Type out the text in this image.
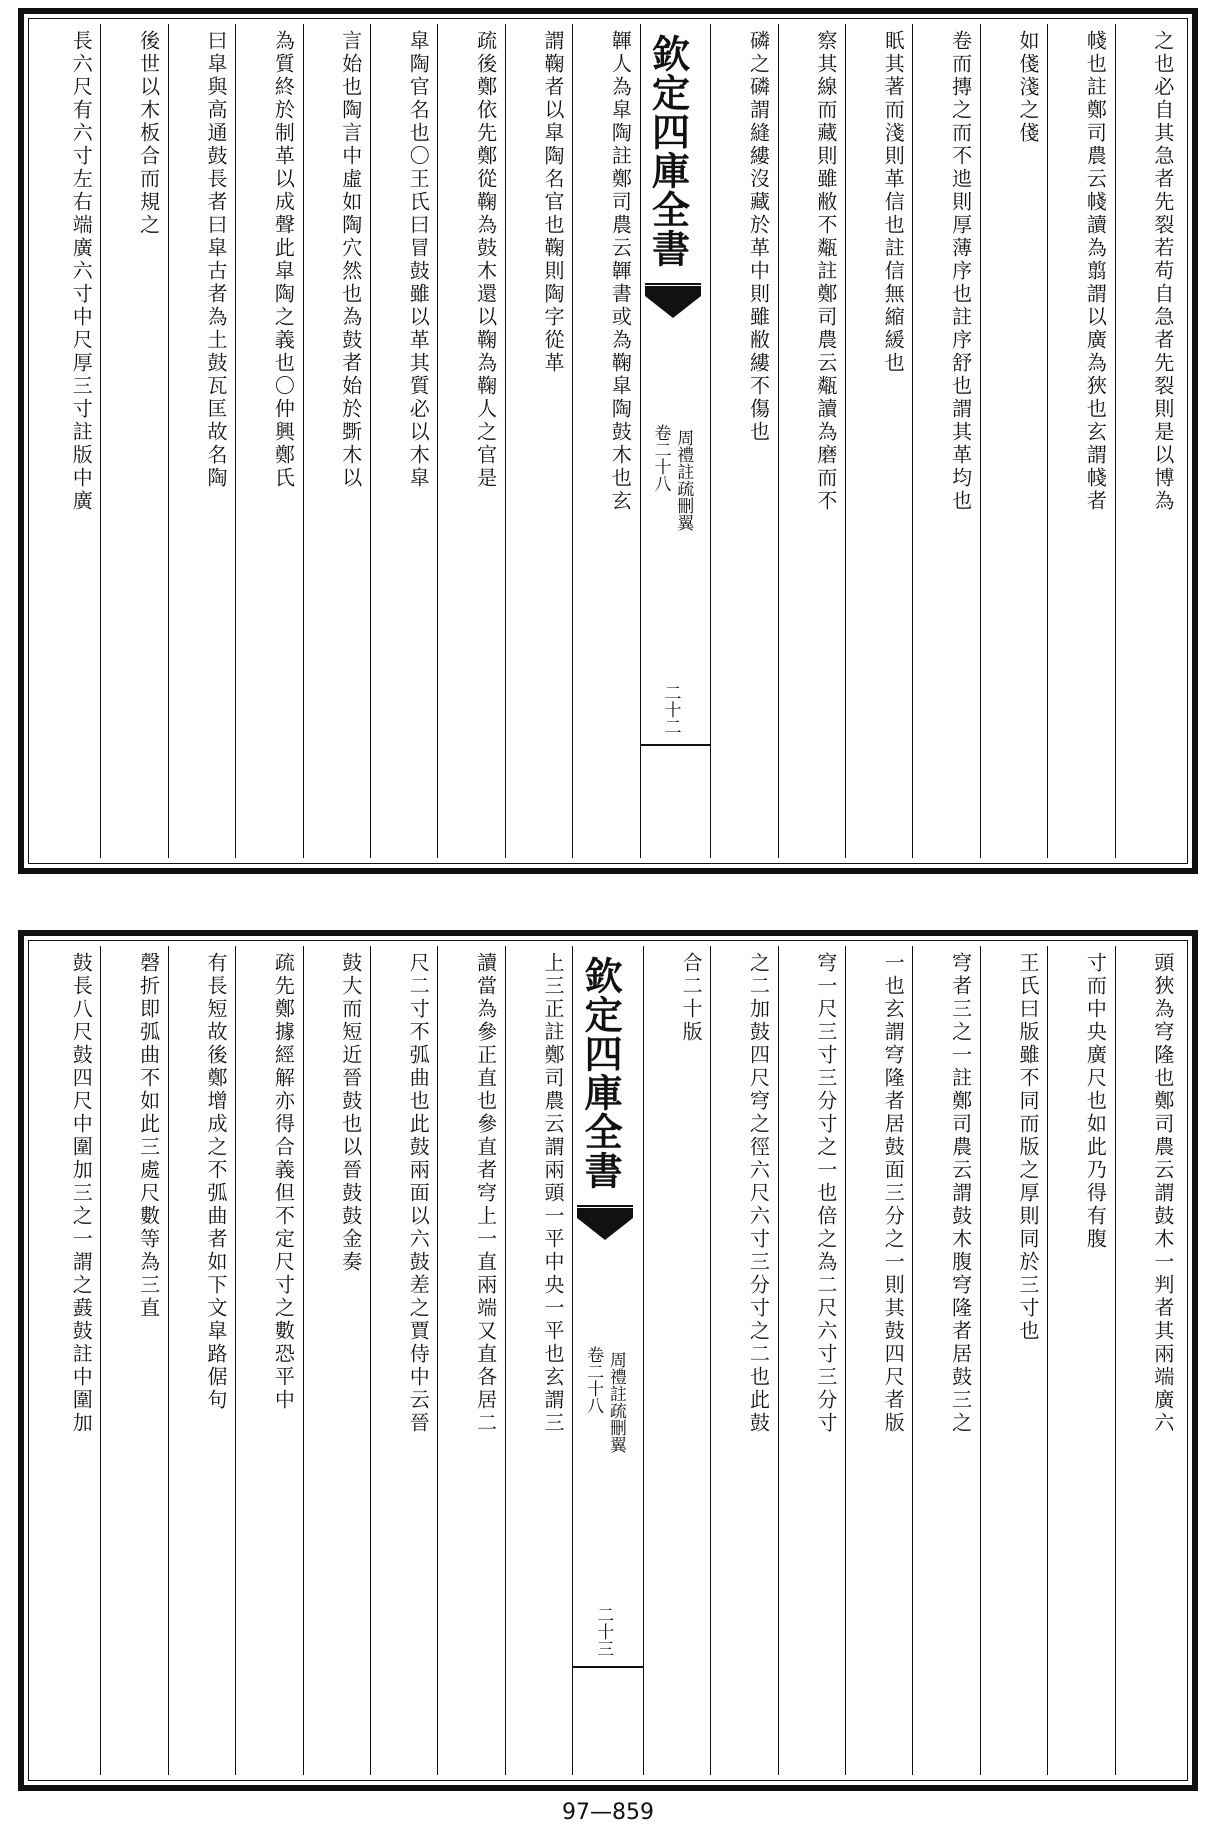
之也必自其急者先裂若苟自急者先裂則是以博為
帴也註鄭司農云帴讀為翦謂以廣為狹也玄謂帴者
如俴淺之俴
卷而摶之而不迆則厚薄序也註序舒也謂其革均也
眂其著而淺則革信也註信無縮緩也
察其線而藏則雖敝不甐註鄭司農云甐讀為磨而不
磷之磷謂縫縷沒藏於革中則雖敝縷不傷也
欽定四庫全書
周禮註疏刪翼
卷二十八
二十二
韗人為皐陶註鄭司農云韗書或為鞠皐陶鼓木也玄
謂鞠者以皐陶名官也鞠則陶字從革
疏後鄭依先鄭從鞠為鼓木還以鞠為鞠人之官是
皐陶官名也〇王氏曰冒鼓雖以革其質必以木皐
言始也陶言中虛如陶穴然也為鼓者始於斲木以
為質終於制革以成聲此皐陶之義也〇仲興鄭氏
曰皐與高通鼓長者曰皐古者為土鼓瓦匡故名陶
後世以木板合而規之
長六尺有六寸左右端廣六寸中尺厚三寸註版中廣
頭狹為穹隆也鄭司農云謂鼓木一判者其兩端廣六
寸而中央廣尺也如此乃得有腹
王氏曰版雖不同而版之厚則同於三寸也
穹者三之一註鄭司農云謂鼓木腹穹隆者居鼓三之
一也玄謂穹隆者居鼓面三分之一則其鼓四尺者版
穹一尺三寸三分寸之一也倍之為二尺六寸三分寸
之二加鼓四尺穹之徑六尺六寸三分寸之二也此鼓
合二十版
欽定四庫全書
周禮註疏刪翼
卷二十八
二十三
上三正註鄭司農云謂兩頭一平中央一平也玄謂三
讀當為參正直也參直者穹上一直兩端又直各居二
尺二寸不弧曲也此鼓兩面以六鼓差之賈侍中云晉
鼓大而短近晉鼓也以晉鼓鼓金奏
疏先鄭據經解亦得合義但不定尺寸之數恐平中
有長短故後鄭增成之不弧曲者如下文皐路倨句
磬折即弧曲不如此三處尺數等為三直
鼓長八尺鼓四尺中圍加三之一謂之鼖鼓註中圍加
97—859
